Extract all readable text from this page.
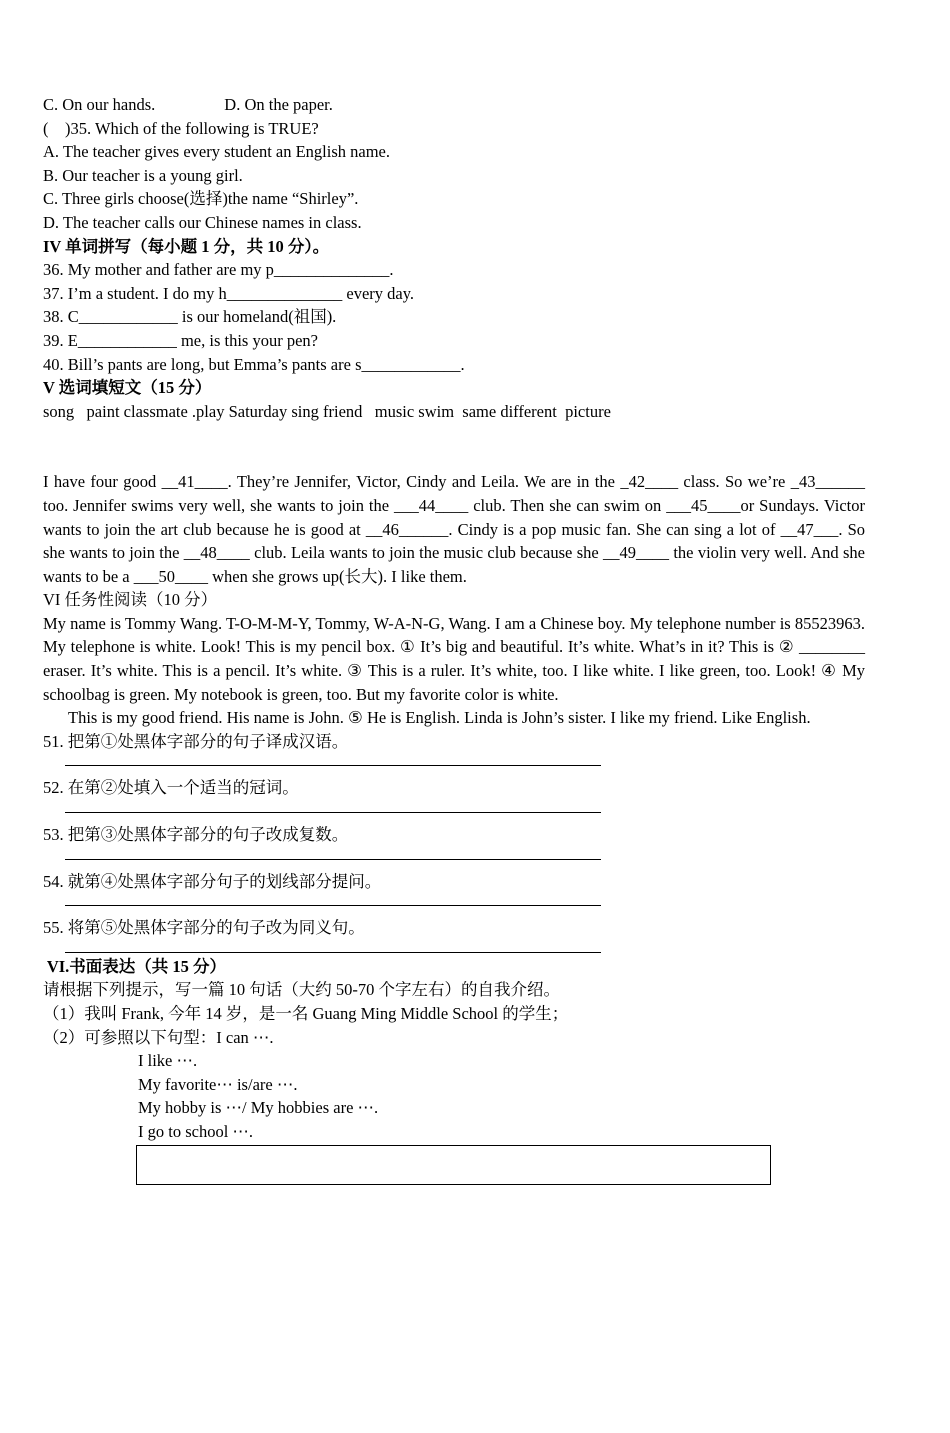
C. On our hands.	D. On the paper.
(    )35. Which of the following is TRUE?
A. The teacher gives every student an English name.
B. Our teacher is a young girl.
C. Three girls choose(选择)the name “Shirley”.
D. The teacher calls our Chinese names in class.
IV 单词拼写（每小题 1 分，共 10 分）。
36. My mother and father are my p______________.
37. I’m a student. I do my h______________ every day.
38. C____________ is our homeland(祖国).
39. E____________ me, is this your pen?
40. Bill’s pants are long, but Emma’s pants are s____________.
V 选词填短文（15 分）
song   paint classmate .play Saturday sing friend   music swim  same different  picture
I have four good __41____. They’re Jennifer, Victor, Cindy and Leila. We are in the _42____ class. So we’re _43______ too. Jennifer swims very well, she wants to join the ___44____ club. Then she can swim on ___45____or Sundays. Victor wants to join the art club because he is good at __46______. Cindy is a pop music fan. She can sing a lot of __47___. So she wants to join the __48____ club. Leila wants to join the music club because she __49____ the violin very well. And she wants to be a ___50____ when she grows up(长大). I like them.
VI 任务性阅读（10 分）
My name is Tommy Wang. T-O-M-M-Y, Tommy, W-A-N-G, Wang. I am a Chinese boy. My telephone number is 85523963. My telephone is white. Look! This is my pencil box. ① It’s big and beautiful. It’s white. What’s in it? This is ② ________ eraser. It’s white. This is a pencil. It’s white. ③ This is a ruler. It’s white, too. I like white. I like green, too. Look! ④ My schoolbag is green. My notebook is green, too. But my favorite color is white.
This is my good friend. His name is John. ⑤ He is English. Linda is John’s sister. I like my friend. Like English.
51. 把第①处黑体字部分的句子译成汉语。
52. 在第②处填入一个适当的冠词。
53. 把第③处黑体字部分的句子改成复数。
54. 就第④处黑体字部分句子的划线部分提问。
55. 将第⑤处黑体字部分的句子改为同义句。
VI.书面表达（共 15 分）
请根据下列提示，写一篇 10 句话（大约 50-70 个字左右）的自我介绍。
（1）我叫 Frank, 今年 14 岁，是一名 Guang Ming Middle School 的学生；
（2）可参照以下句型：I can ⋯.
I like ⋯.
My favorite⋯ is/are ⋯.
My hobby is ⋯/ My hobbies are ⋯.
I go to school ⋯.
